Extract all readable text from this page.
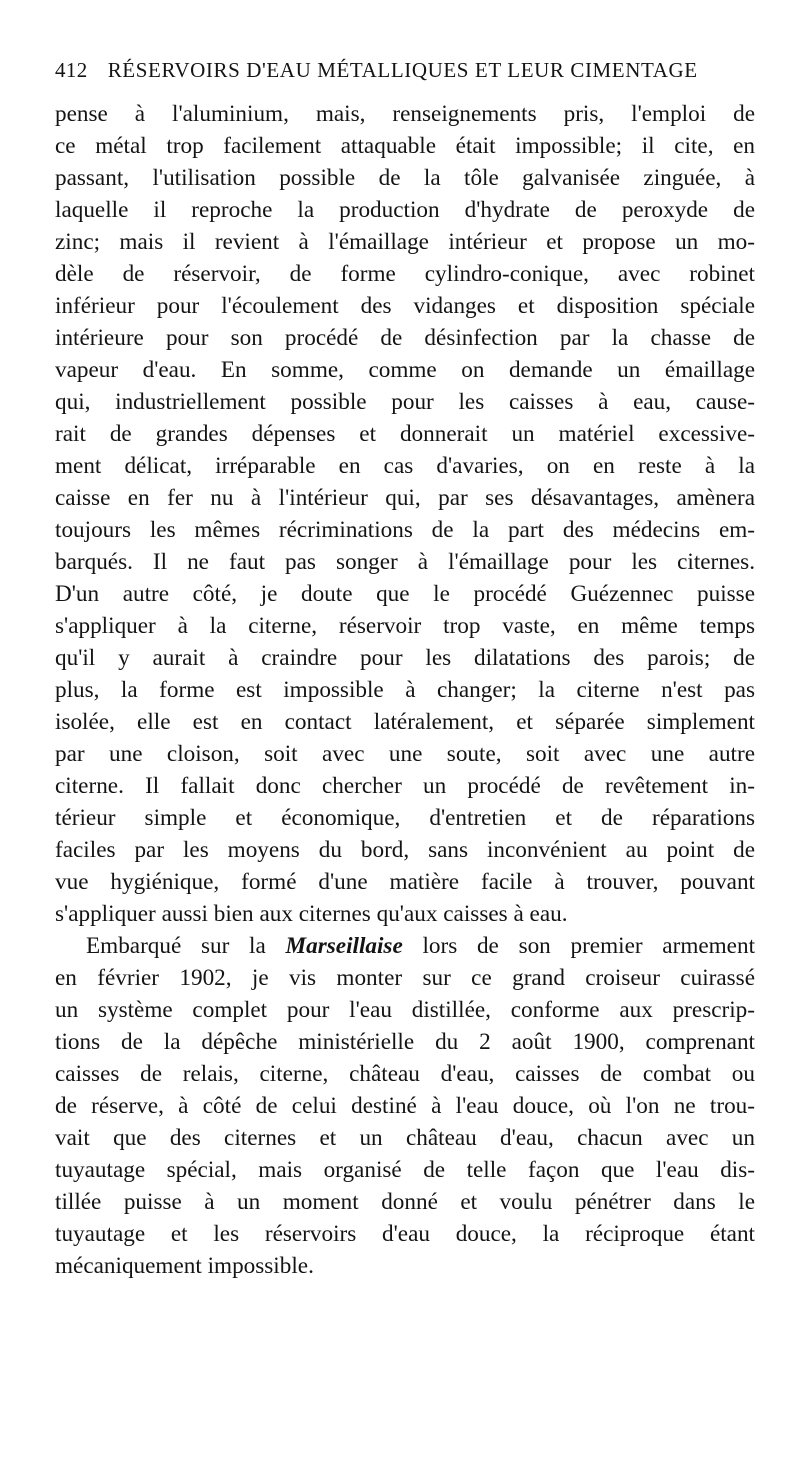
412 RÉSERVOIRS D'EAU MÉTALLIQUES ET LEUR CIMENTAGE
pense à l'aluminium, mais, renseignements pris, l'emploi de
ce métal trop facilement attaquable était impossible; il cite, en
passant, l'utilisation possible de la tôle galvanisée zinguée, à
laquelle il reproche la production d'hydrate de peroxyde de
zinc; mais il revient à l'émaillage intérieur et propose un mo-
dèle de réservoir, de forme cylindro-conique, avec robinet
inférieur pour l'écoulement des vidanges et disposition spéciale
intérieure pour son procédé de désinfection par la chasse de
vapeur d'eau. En somme, comme on demande un émaillage
qui, industriellement possible pour les caisses à eau, cause-
rait de grandes dépenses et donnerait un matériel excessive-
ment délicat, irréparable en cas d'avaries, on en reste à la
caisse en fer nu à l'intérieur qui, par ses désavantages, amènera
toujours les mêmes récriminations de la part des médecins em-
barqués. Il ne faut pas songer à l'émaillage pour les citernes.
D'un autre côté, je doute que le procédé Guézennec puisse
s'appliquer à la citerne, réservoir trop vaste, en même temps
qu'il y aurait à craindre pour les dilatations des parois; de
plus, la forme est impossible à changer; la citerne n'est pas
isolée, elle est en contact latéralement, et séparée simplement
par une cloison, soit avec une soute, soit avec une autre
citerne. Il fallait donc chercher un procédé de revêtement in-
térieur simple et économique, d'entretien et de réparations
faciles par les moyens du bord, sans inconvénient au point de
vue hygiénique, formé d'une matière facile à trouver, pouvant
s'appliquer aussi bien aux citernes qu'aux caisses à eau.
Embarqué sur la Marseillaise lors de son premier armement
en février 1902, je vis monter sur ce grand croiseur cuirassé
un système complet pour l'eau distillée, conforme aux prescrip-
tions de la dépêche ministérielle du 2 août 1900, comprenant
caisses de relais, citerne, château d'eau, caisses de combat ou
de réserve, à côté de celui destiné à l'eau douce, où l'on ne trou-
vait que des citernes et un château d'eau, chacun avec un
tuyautage spécial, mais organisé de telle façon que l'eau dis-
tillée puisse à un moment donné et voulu pénétrer dans le
tuyautage et les réservoirs d'eau douce, la réciproque étant
mécaniquement impossible.
